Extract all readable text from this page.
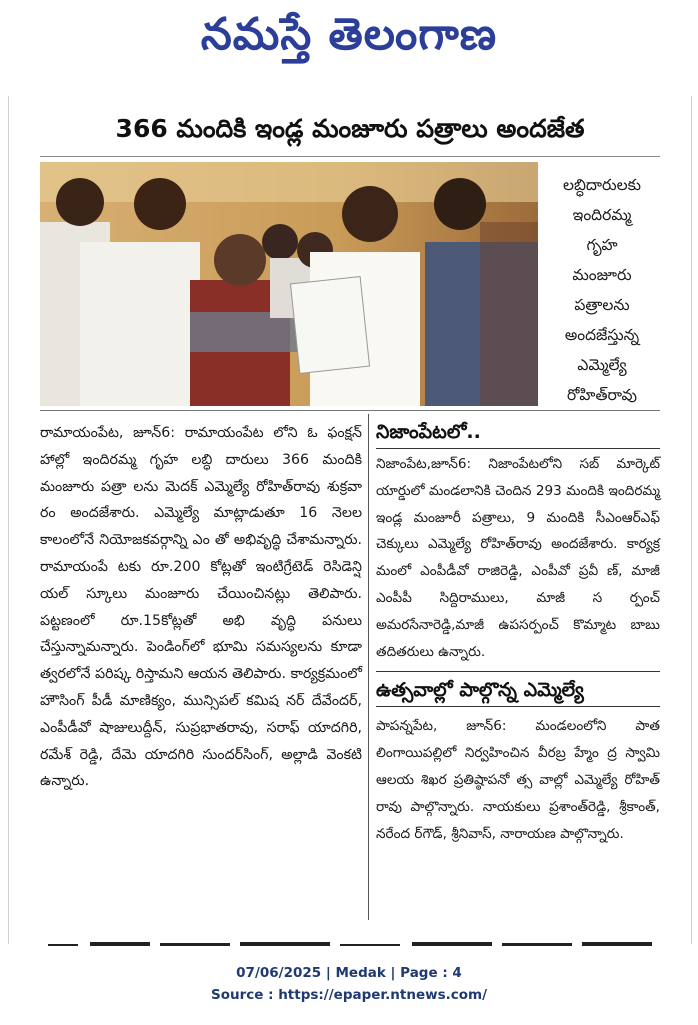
నమస్తే తెలంగాణ
366 మందికి ఇండ్ల మంజూరు పత్రాలు అందజేత
లబ్ధిదారులకు
ఇందిరమ్మ
గృహ
మంజూరు
పత్రాలను
అందజేస్తున్న
ఎమ్మెల్యే
రోహిత్‌రావు
రామాయంపేట, జూన్‌6: రామాయంపేట లోని ఓ ఫంక్షన్‌ హాల్లో ఇందిరమ్మ గృహ లబ్ధి దారులు 366 మందికి మంజూరు పత్రా లను మెదక్‌ ఎమ్మెల్యే రోహిత్‌రావు శుక్రవా రం అందజేశారు. ఎమ్మెల్యే మాట్లాడుతూ 16 నెలల కాలంలోనే నియోజకవర్గాన్ని ఎం తో అభివృద్ధి చేశామన్నారు. రామాయంపే టకు రూ.200 కోట్లతో ఇంటిగ్రేటెడ్‌ రెసిడెన్షి యల్‌ స్కూలు మంజూరు చేయించినట్లు తెలిపారు. పట్టణంలో రూ.15కోట్లతో అభి వృద్ధి పనులు చేస్తున్నామన్నారు. పెండింగ్‌లో భూమి సమస్యలను కూడా త్వరలోనే పరిష్క రిస్తామని ఆయన తెలిపారు. కార్యక్రమంలో హౌసింగ్‌ పీడీ మాణిక్యం, మున్సిపల్‌ కమిష నర్‌ దేవేందర్‌, ఎంపీడీవో షాజులుద్దీన్‌, సుప్రభాతరావు, సరాఫ్‌ యాదగిరి, రమేశ్‌ రెడ్డి, దేమె యాదగిరి సుందర్‌సింగ్‌, అల్లాడి వెంకటి ఉన్నారు.
నిజాంపేటలో..

నిజాంపేట,జూన్‌6: నిజాంపేటలోని సబ్‌ మార్కెట్‌ యార్డులో మండలానికి చెందిన 293 మందికి ఇందిరమ్మ ఇండ్ల మంజూరీ పత్రాలు, 9 మందికి సీఎంఆర్‌ఎఫ్‌ చెక్కులు ఎమ్మెల్యే రోహిత్‌రావు అందజేశారు. కార్యక్ర మంలో ఎంపీడీవో రాజిరెడ్డి, ఎంపీవో ప్రవీ ణ్‌, మాజీ ఎంపీపీ సిద్దిరాములు, మాజీ స ర్పంచ్‌ అమరసేనారెడ్డి,మాజీ ఉపసర్పంచ్‌ కొమ్మాట బాబు తదితరులు ఉన్నారు.

ఉత్సవాల్లో పాల్గొన్న ఎమ్మెల్యే

పాపన్నపేట, జూన్‌6: మండలంలోని పాత లింగాయిపల్లిలో నిర్వహించిన వీరబ్ర హ్మేం ద్ర స్వామి ఆలయ శిఖర ప్రతిష్ఠాపనో త్స వాల్లో ఎమ్మెల్యే రోహిత్‌ రావు పాల్గొన్నారు. నాయకులు ప్రశాంత్‌రెడ్డి, శ్రీకాంత్‌, నరేంద ర్‌గౌడ్‌, శ్రీనివాస్‌, నారాయణ పాల్గొన్నారు.

07/06/2025 | Medak | Page : 4
Source : https://epaper.ntnews.com/
